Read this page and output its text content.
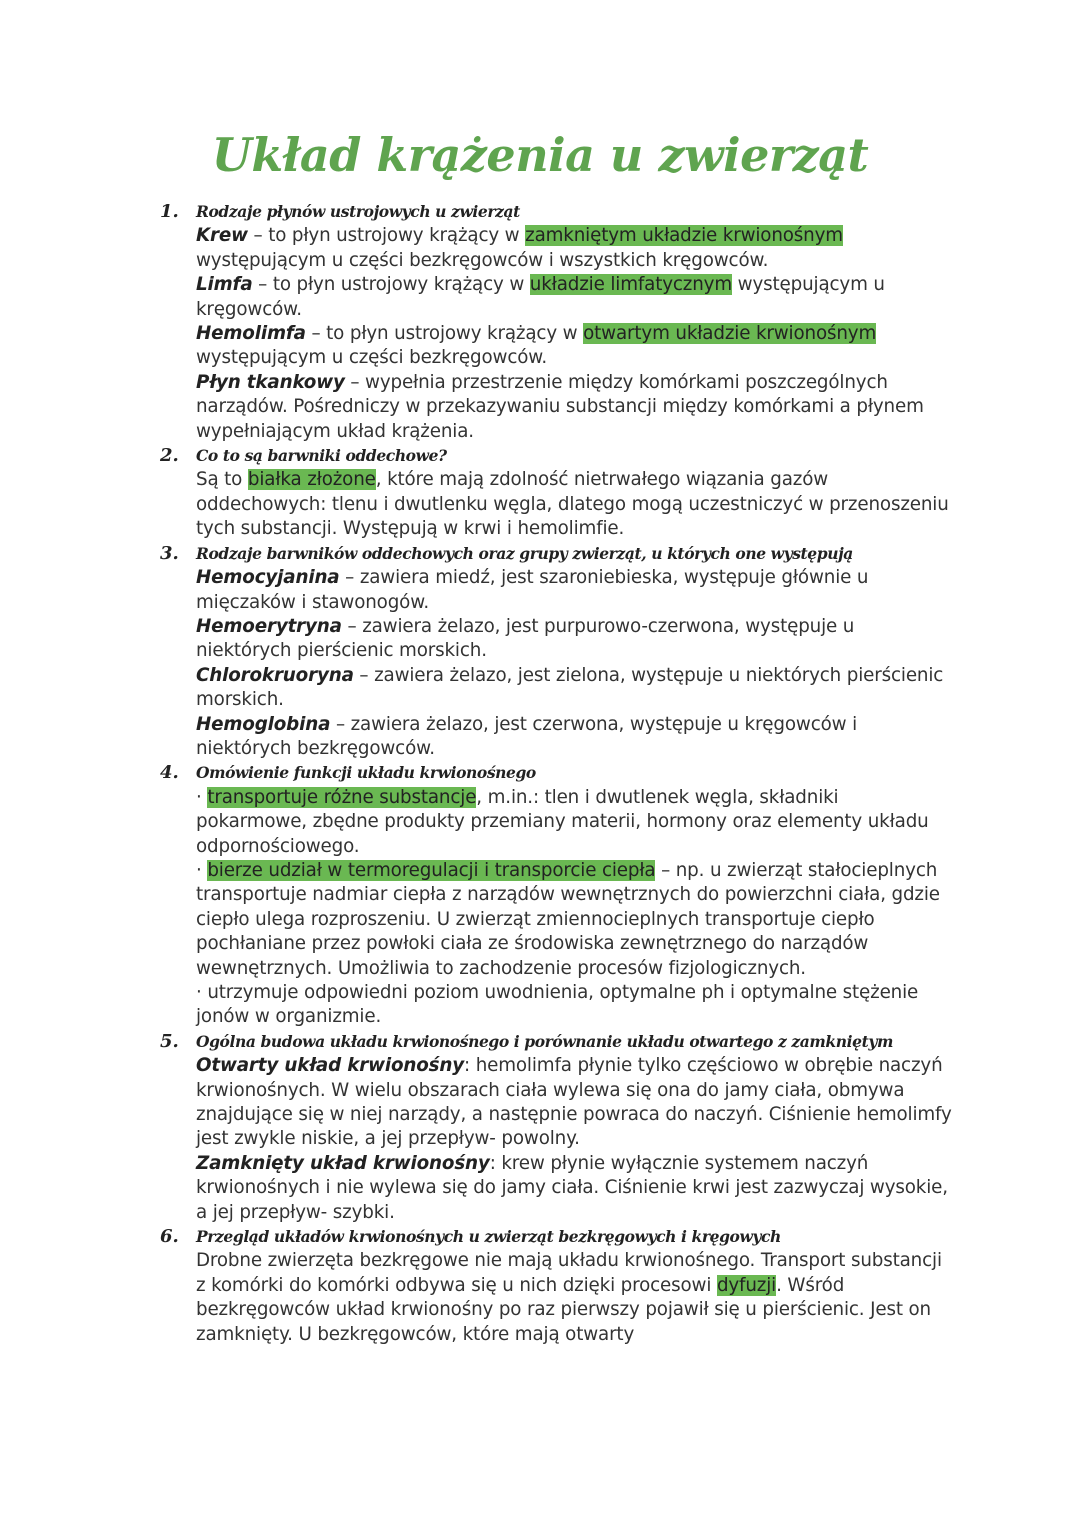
Układ krążenia u zwierząt
1.	Rodzaje płynów ustrojowych u zwierząt

Krew – to płyn ustrojowy krążący w zamkniętym układzie krwionośnym występującym u części bezkręgowców i wszystkich kręgowców.

Limfa – to płyn ustrojowy krążący w układzie limfatycznym występującym u kręgowców.

Hemolimfa – to płyn ustrojowy krążący w otwartym układzie krwionośnym występującym u części bezkręgowców.

Płyn tkankowy – wypełnia przestrzenie między komórkami poszczególnych narządów. Pośredniczy w przekazywaniu substancji między komórkami a płynem wypełniającym układ krążenia.

2.	Co to są barwniki oddechowe?

Są to białka złożone, które mają zdolność nietrwałego wiązania gazów oddechowych: tlenu i dwutlenku węgla, dlatego mogą uczestniczyć w przenoszeniu tych substancji. Występują w krwi i hemolimfie.

3.	Rodzaje barwników oddechowych oraz grupy zwierząt, u których one występują

Hemocyjanina – zawiera miedź, jest szaroniebieska, występuje głównie u mięczaków i stawonogów.

Hemoerytryna – zawiera żelazo, jest purpurowo-czerwona, występuje u niektórych pierścienic morskich.

Chlorokruoryna – zawiera żelazo, jest zielona, występuje u niektórych pierścienic morskich.

Hemoglobina – zawiera żelazo, jest czerwona, występuje u kręgowców i niektórych bezkręgowców.

4.	Omówienie funkcji układu krwionośnego

· transportuje różne substancje, m.in.: tlen i dwutlenek węgla, składniki pokarmowe, zbędne produkty przemiany materii, hormony oraz elementy układu odpornościowego.

· bierze udział w termoregulacji i transporcie ciepła – np. u zwierząt stałocieplnych transportuje nadmiar ciepła z narządów wewnętrznych do powierzchni ciała, gdzie ciepło ulega rozproszeniu. U zwierząt zmiennocieplnych transportuje ciepło pochłaniane przez powłoki ciała ze środowiska zewnętrznego do narządów wewnętrznych. Umożliwia to zachodzenie procesów fizjologicznych.

· utrzymuje odpowiedni poziom uwodnienia, optymalne ph i optymalne stężenie jonów w organizmie.

5.	Ogólna budowa układu krwionośnego i porównanie układu otwartego z zamkniętym

Otwarty układ krwionośny: hemolimfa płynie tylko częściowo w obrębie naczyń krwionośnych. W wielu obszarach ciała wylewa się ona do jamy ciała, obmywa znajdujące się w niej narządy, a następnie powraca do naczyń. Ciśnienie hemolimfy jest zwykle niskie, a jej przepływ- powolny.

Zamknięty układ krwionośny: krew płynie wyłącznie systemem naczyń krwionośnych i nie wylewa się do jamy ciała. Ciśnienie krwi jest zazwyczaj wysokie, a jej przepływ- szybki.

6.	Przegląd układów krwionośnych u zwierząt bezkręgowych i kręgowych

Drobne zwierzęta bezkręgowe nie mają układu krwionośnego. Transport substancji z komórki do komórki odbywa się u nich dzięki procesowi dyfuzji. Wśród bezkręgowców układ krwionośny po raz pierwszy pojawił się u pierścienic. Jest on zamknięty. U bezkręgowców, które mają otwarty
